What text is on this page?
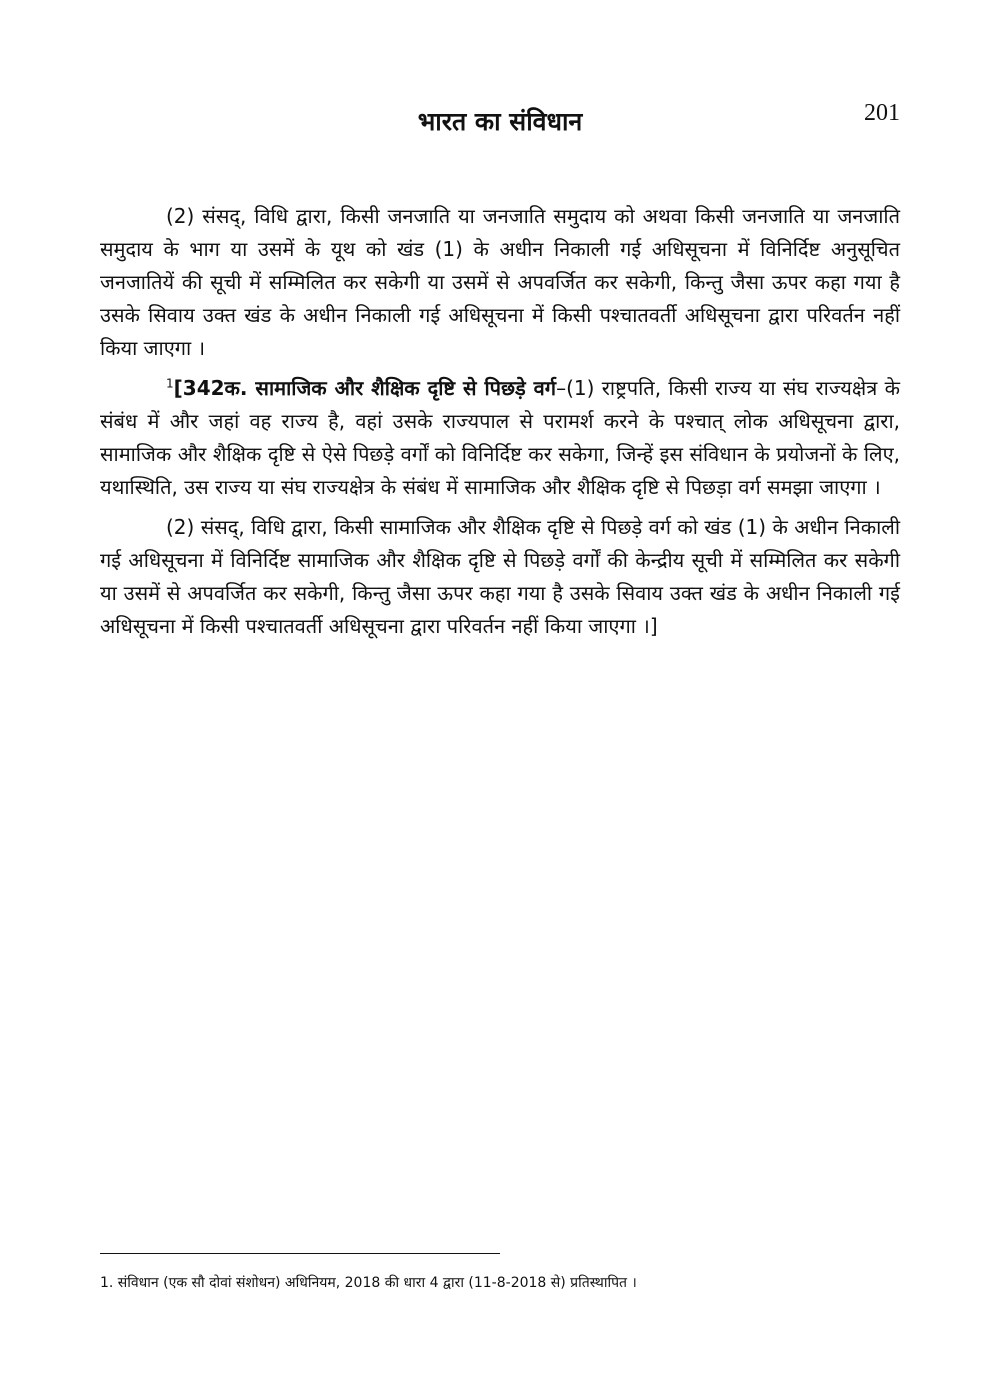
भारत का संविधान	201

(2) संसद्, विधि द्वारा, किसी जनजाति या जनजाति समुदाय को अथवा किसी जनजाति या जनजाति समुदाय के भाग या उसमें के यूथ को खंड (1) के अधीन निकाली गई अधिसूचना में विनिर्दिष्ट अनुसूचित जनजातियें की सूची में सम्मिलित कर सकेगी या उसमें से अपवर्जित कर सकेगी, किन्तु जैसा ऊपर कहा गया है उसके सिवाय उक्त खंड के अधीन निकाली गई अधिसूचना में किसी पश्चातवर्ती अधिसूचना द्वारा परिवर्तन नहीं किया जाएगा ।

$^1$[342क. सामाजिक और शैक्षिक दृष्टि से पिछड़े वर्ग–(1) राष्ट्रपति, किसी राज्य या संघ राज्यक्षेत्र के संबंध में और जहां वह राज्य है, वहां उसके राज्यपाल से परामर्श करने के पश्चात् लोक अधिसूचना द्वारा, सामाजिक और शैक्षिक दृष्टि से ऐसे पिछड़े वर्गों को विनिर्दिष्ट कर सकेगा, जिन्हें इस संविधान के प्रयोजनों के लिए, यथास्थिति, उस राज्य या संघ राज्यक्षेत्र के संबंध में सामाजिक और शैक्षिक दृष्टि से पिछड़ा वर्ग समझा जाएगा ।

(2) संसद्, विधि द्वारा, किसी सामाजिक और शैक्षिक दृष्टि से पिछड़े वर्ग को खंड (1) के अधीन निकाली गई अधिसूचना में विनिर्दिष्ट सामाजिक और शैक्षिक दृष्टि से पिछड़े वर्गों की केन्द्रीय सूची में सम्मिलित कर सकेगी या उसमें से अपवर्जित कर सकेगी, किन्तु जैसा ऊपर कहा गया है उसके सिवाय उक्त खंड के अधीन निकाली गई अधिसूचना में किसी पश्चातवर्ती अधिसूचना द्वारा परिवर्तन नहीं किया जाएगा ।]

1. संविधान (एक सौ दोवां संशोधन) अधिनियम, 2018 की धारा 4 द्वारा (11-8-2018 से) प्रतिस्थापित ।
